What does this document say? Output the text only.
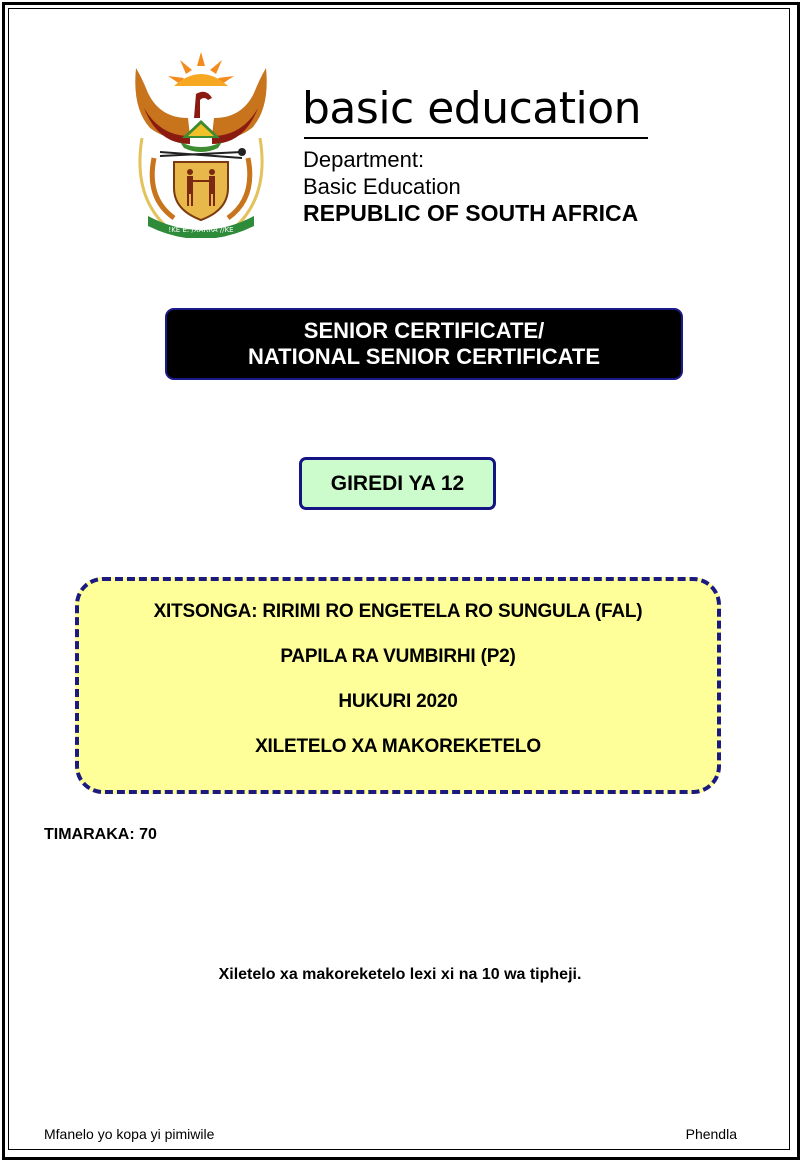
!KE E: /XARRA //KE
basic education
Department:
Basic Education
REPUBLIC OF SOUTH AFRICA
SENIOR CERTIFICATE/
NATIONAL SENIOR CERTIFICATE
GIREDI YA 12
XITSONGA: RIRIMI RO ENGETELA RO SUNGULA (FAL)
PAPILA RA VUMBIRHI (P2)
HUKURI 2020
XILETELO XA MAKOREKETELO
TIMARAKA: 70
Xiletelo xa makoreketelo lexi xi na 10 wa tipheji.
Mfanelo yo kopa yi pimiwile	Phendla
